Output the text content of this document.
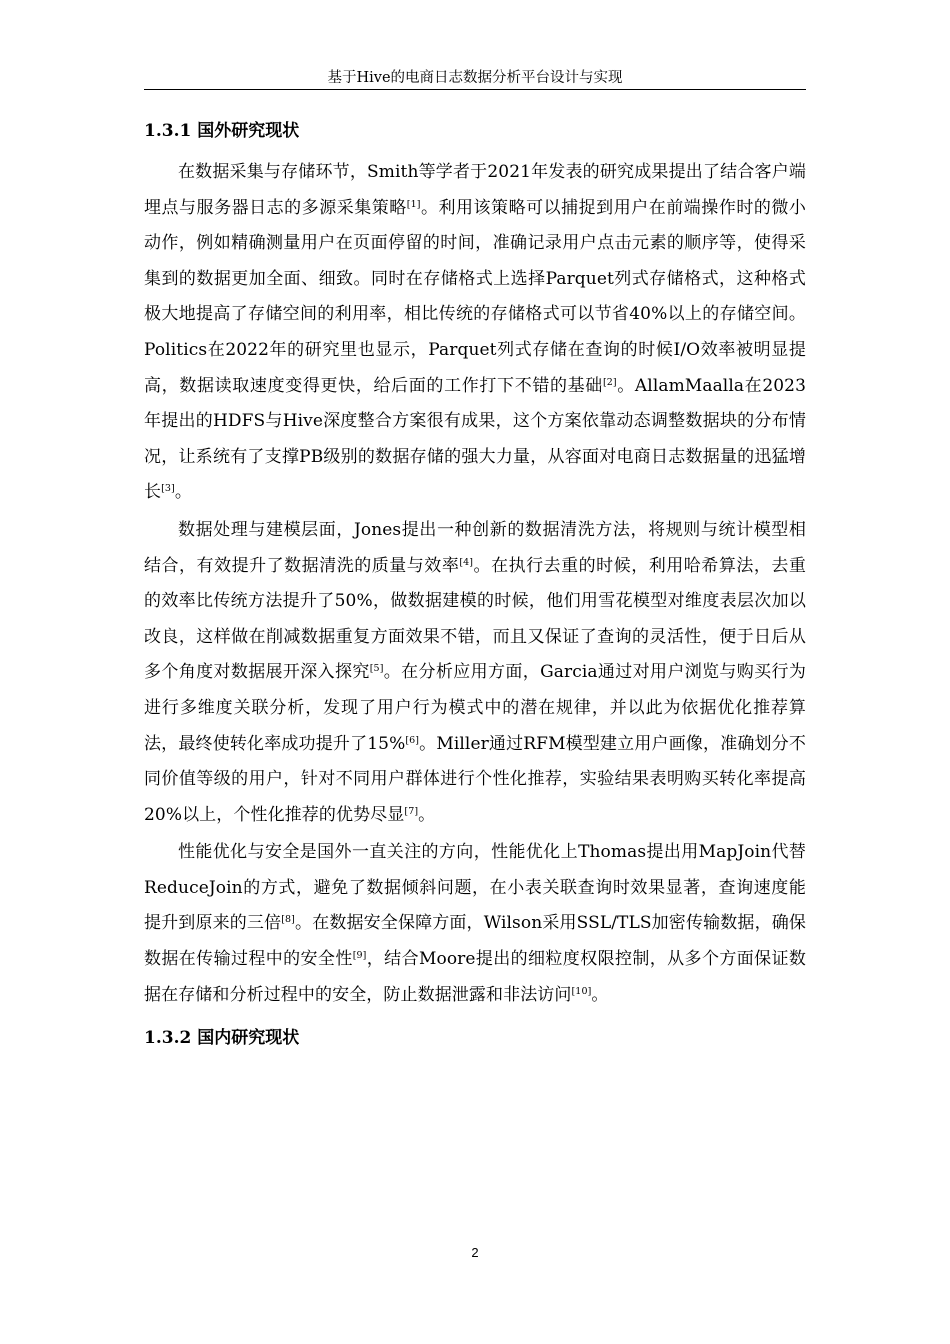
基于Hive的电商日志数据分析平台设计与实现
1.3.1 国外研究现状

在数据采集与存储环节，Smith等学者于2021年发表的研究成果提出了结合客户端埋点与服务器日志的多源采集策略[1]。利用该策略可以捕捉到用户在前端操作时的微小动作，例如精确测量用户在页面停留的时间，准确记录用户点击元素的顺序等，使得采集到的数据更加全面、细致。同时在存储格式上选择Parquet列式存储格式，这种格式极大地提高了存储空间的利用率，相比传统的存储格式可以节省40%以上的存储空间。 Politics在2022年的研究里也显示，Parquet列式存储在查询的时候I/O效率被明显提高，数据读取速度变得更快，给后面的工作打下不错的基础[2]。AllamMaalla在2023年提出的HDFS与Hive深度整合方案很有成果，这个方案依靠动态调整数据块的分布情况，让系统有了支撑PB级别的数据存储的强大力量，从容面对电商日志数据量的迅猛增长[3]。

数据处理与建模层面，Jones提出一种创新的数据清洗方法，将规则与统计模型相结合，有效提升了数据清洗的质量与效率[4]。在执行去重的时候，利用哈希算法，去重的效率比传统方法提升了50%，做数据建模的时候，他们用雪花模型对维度表层次加以改良，这样做在削减数据重复方面效果不错，而且又保证了查询的灵活性，便于日后从多个角度对数据展开深入探究[5]。在分析应用方面，Garcia通过对用户浏览与购买行为进行多维度关联分析，发现了用户行为模式中的潜在规律，并以此为依据优化推荐算法，最终使转化率成功提升了15%[6]。Miller通过RFM模型建立用户画像，准确划分不同价值等级的用户，针对不同用户群体进行个性化推荐，实验结果表明购买转化率提高20%以上，个性化推荐的优势尽显[7]。

性能优化与安全是国外一直关注的方向，性能优化上Thomas提出用MapJoin代替ReduceJoin的方式，避免了数据倾斜问题，在小表关联查询时效果显著，查询速度能提升到原来的三倍[8]。在数据安全保障方面，Wilson采用SSL/TLS加密传输数据，确保数据在传输过程中的安全性[9]，结合Moore提出的细粒度权限控制，从多个方面保证数据在存储和分析过程中的安全，防止数据泄露和非法访问[10]。

1.3.2 国内研究现状
2
